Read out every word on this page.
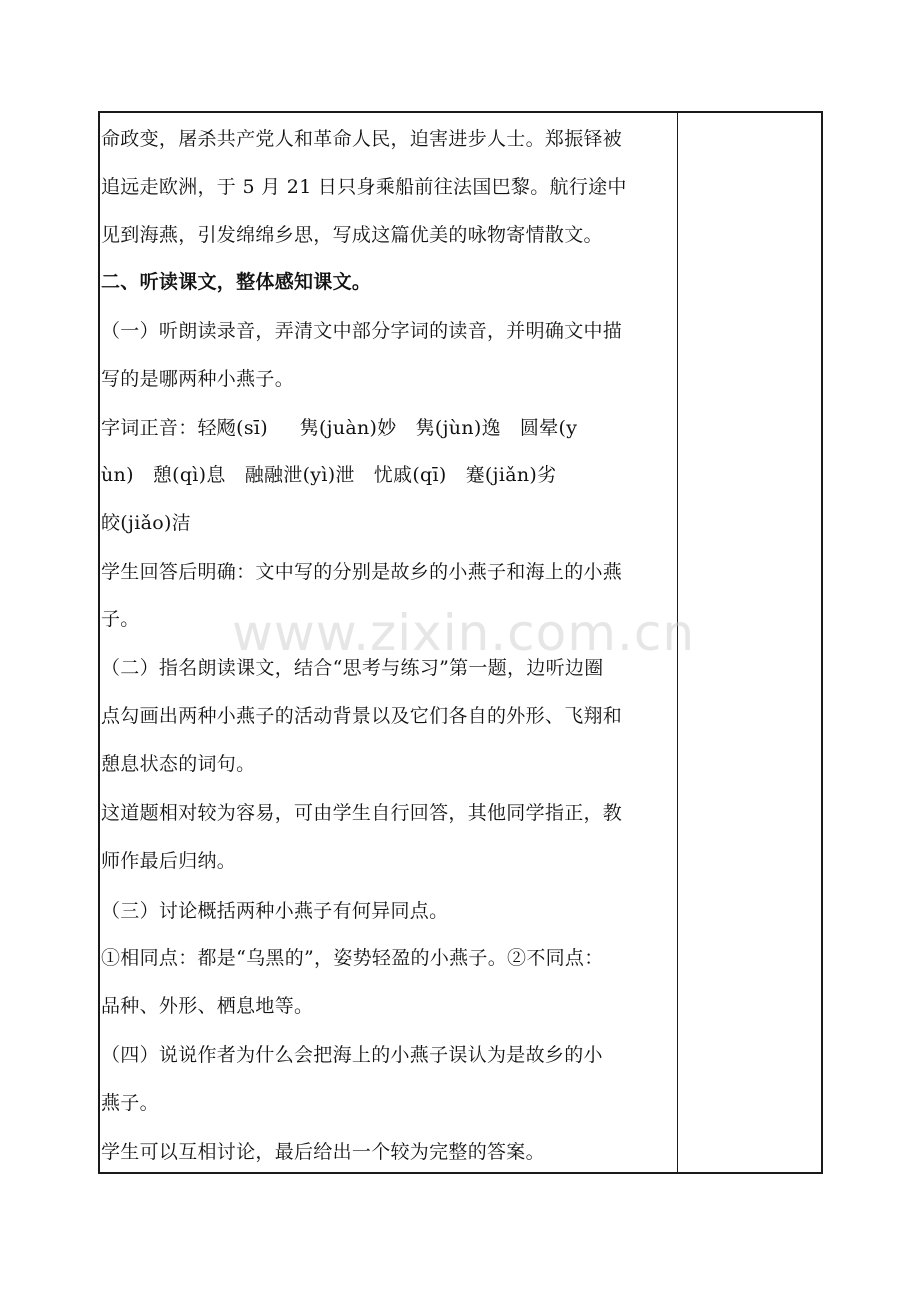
命政变，屠杀共产党人和革命人民，迫害进步人士。郑振铎被
追远走欧洲，于 5 月 21 日只身乘船前往法国巴黎。航行途中
见到海燕，引发绵绵乡思，写成这篇优美的咏物寄情散文。
二、听读课文，整体感知课文。
（一）听朗读录音，弄清文中部分字词的读音，并明确文中描
写的是哪两种小燕子。
字词正音：轻飏(sī)     隽(juàn)妙   隽(jùn)逸   圆晕(y
ùn)   憩(qì)息   融融泄(yì)泄   忧戚(qī)   蹇(jiǎn)劣
皎(jiǎo)洁
学生回答后明确：文中写的分别是故乡的小燕子和海上的小燕
子。
（二）指名朗读课文，结合“思考与练习”第一题，边听边圈
点勾画出两种小燕子的活动背景以及它们各自的外形、飞翔和
憩息状态的词句。
这道题相对较为容易，可由学生自行回答，其他同学指正，教
师作最后归纳。
（三）讨论概括两种小燕子有何异同点。
①相同点：都是“乌黑的”，姿势轻盈的小燕子。②不同点：
品种、外形、栖息地等。
（四）说说作者为什么会把海上的小燕子误认为是故乡的小
燕子。
学生可以互相讨论，最后给出一个较为完整的答案。
www.zixin.com.cn
